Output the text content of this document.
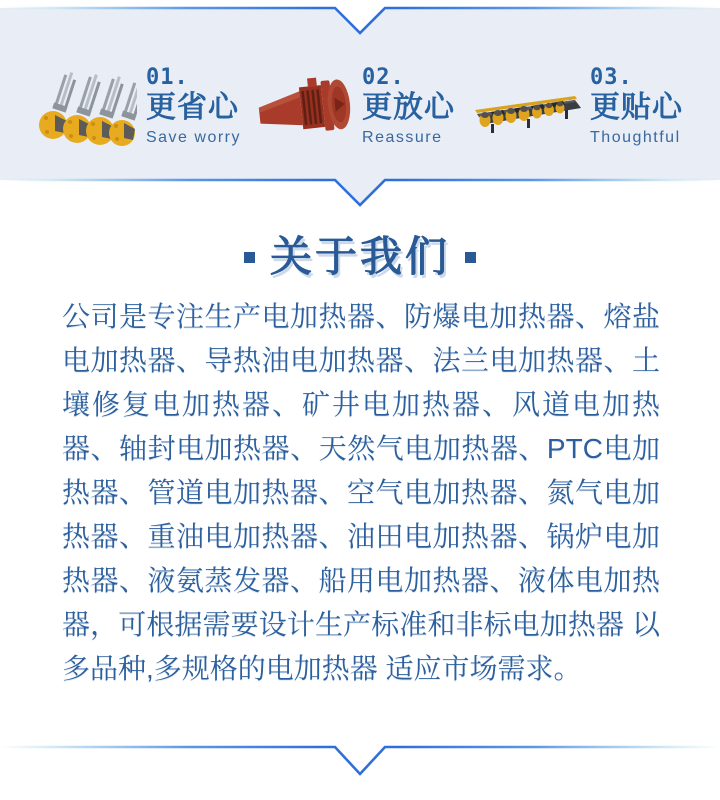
01.
更省心
Save worry
02.
更放心
Reassure
03.
更贴心
Thoughtful
关于我们

公司是专注生产电加热器、防爆电加热器、熔盐电加热器、导热油电加热器、法兰电加热器、土壤修复电加热器、矿井电加热器、风道电加热器、轴封电加热器、天然气电加热器、PTC电加热器、管道电加热器、空气电加热器、氮气电加热器、重油电加热器、油田电加热器、锅炉电加热器、液氨蒸发器、船用电加热器、液体电加热器，可根据需要设计生产标准和非标电加热器 以多品种,多规格的电加热器 适应市场需求。
